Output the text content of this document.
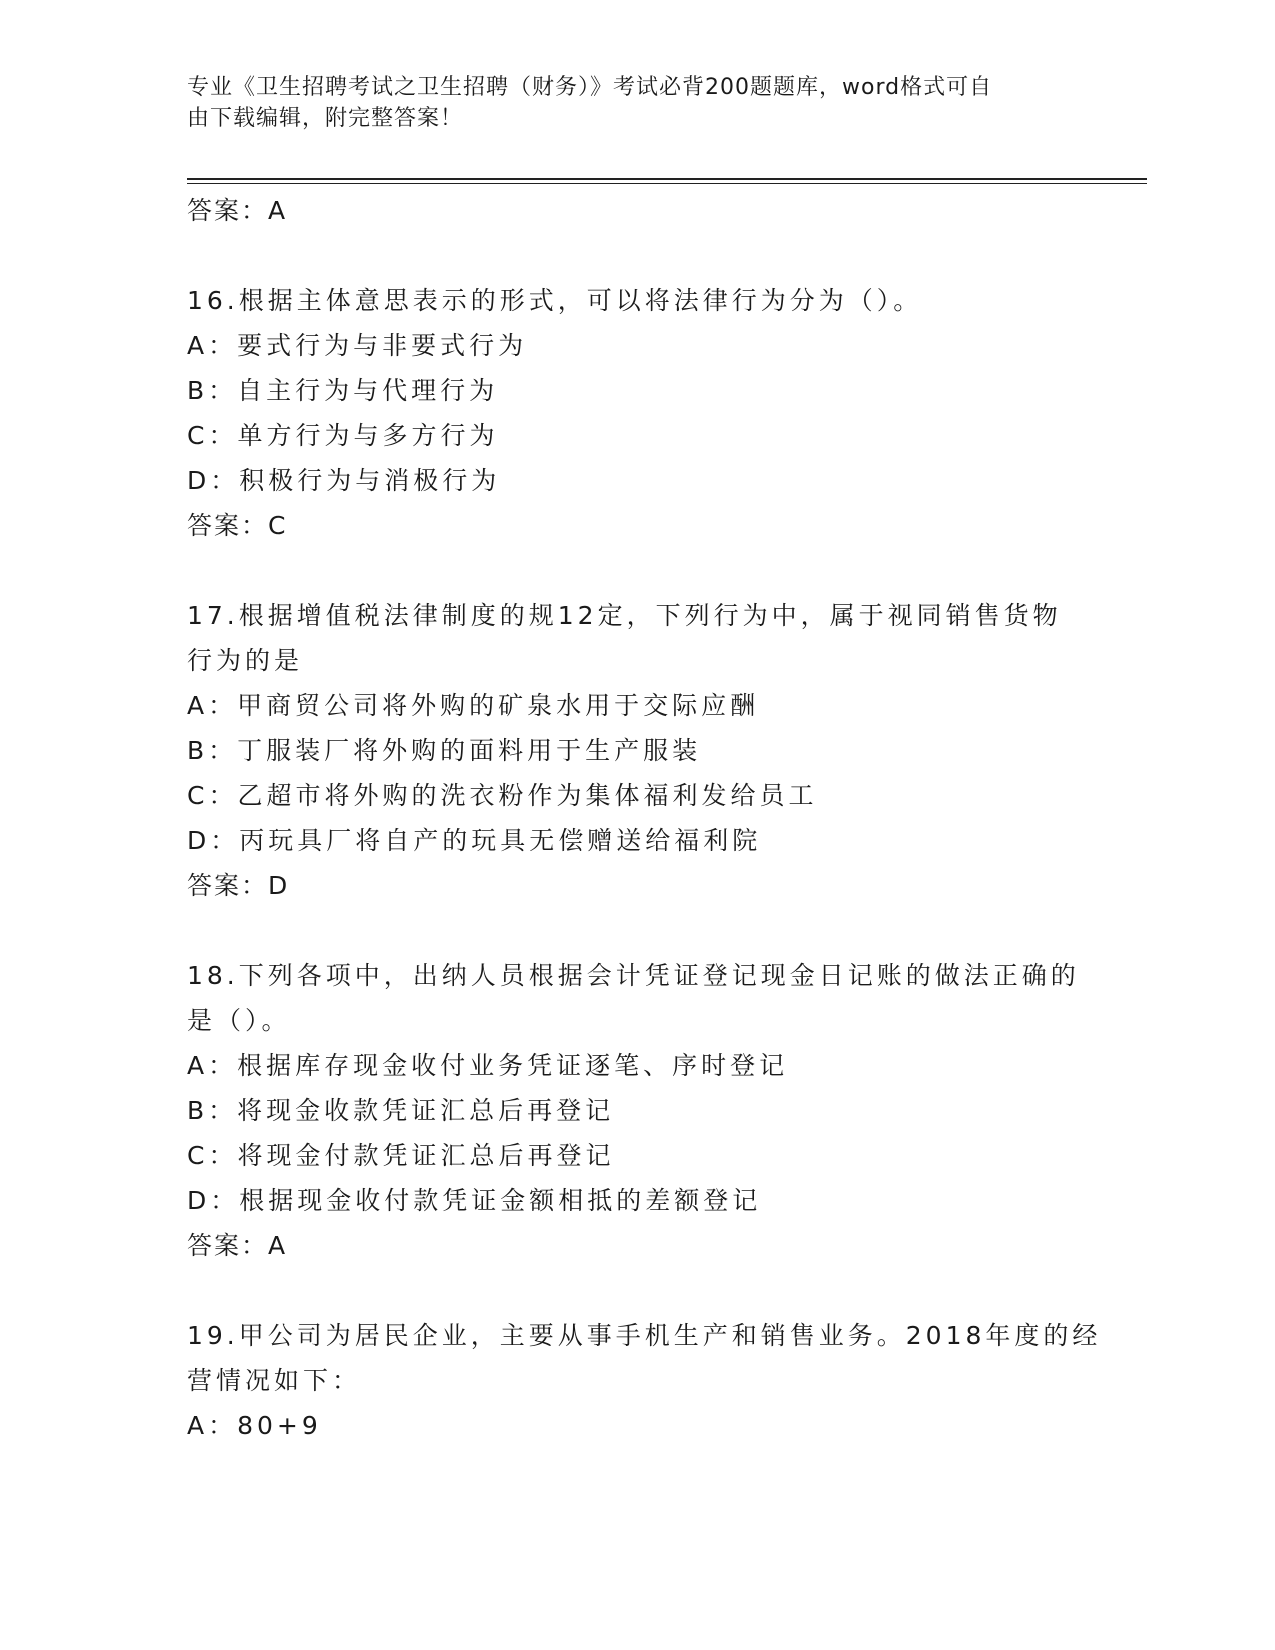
专业《卫生招聘考试之卫生招聘（财务）》考试必背200题题库，word格式可自
由下载编辑，附完整答案！
答案：A
16.根据主体意思表示的形式，可以将法律行为分为（）。
A：要式行为与非要式行为
B：自主行为与代理行为
C：单方行为与多方行为
D：积极行为与消极行为
答案：C
17.根据增值税法律制度的规12定，下列行为中，属于视同销售货物
行为的是
A：甲商贸公司将外购的矿泉水用于交际应酬
B：丁服装厂将外购的面料用于生产服装
C：乙超市将外购的洗衣粉作为集体福利发给员工
D：丙玩具厂将自产的玩具无偿赠送给福利院
答案：D
18.下列各项中，出纳人员根据会计凭证登记现金日记账的做法正确的
是（）。
A：根据库存现金收付业务凭证逐笔、序时登记
B：将现金收款凭证汇总后再登记
C：将现金付款凭证汇总后再登记
D：根据现金收付款凭证金额相抵的差额登记
答案：A
19.甲公司为居民企业，主要从事手机生产和销售业务。2018年度的经
营情况如下：
A：80+9
